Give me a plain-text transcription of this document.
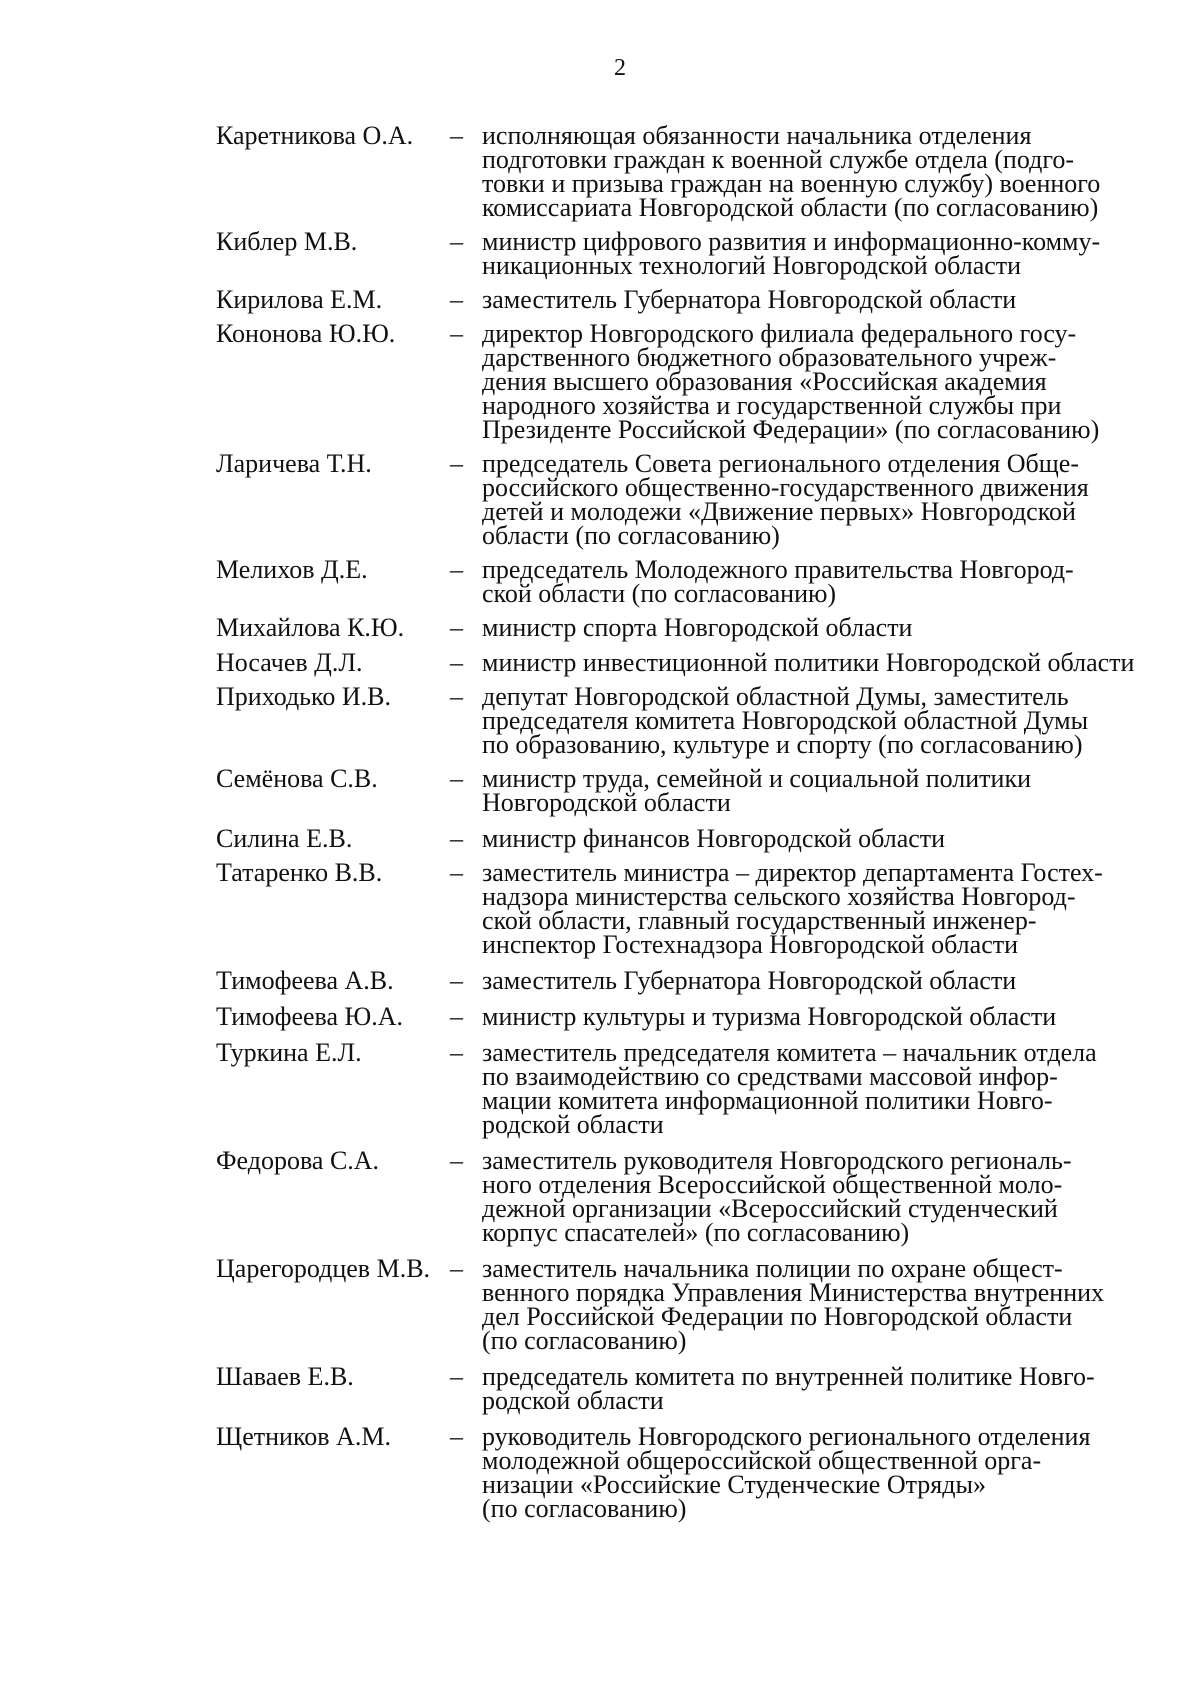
2
Каретникова О.А.	– исполняющая обязанности начальника отделения
подготовки граждан к военной службе отдела (подго-
товки и призыва граждан на военную службу) военного
комиссариата Новгородской области (по согласованию)
Киблер М.В.	– министр цифрового развития и информационно-комму-
никационных технологий Новгородской области
Кирилова Е.М.	– заместитель Губернатора Новгородской области
Кононова Ю.Ю.	– директор Новгородского филиала федерального госу-
дарственного бюджетного образовательного учреж-
дения высшего образования «Российская академия
народного хозяйства и государственной службы при
Президенте Российской Федерации» (по согласованию)
Ларичева Т.Н.	– председатель Совета регионального отделения Обще-
российского общественно-государственного движения
детей и молодежи «Движение первых» Новгородской
области (по согласованию)
Мелихов Д.Е.	– председатель Молодежного правительства Новгород-
ской области (по согласованию)
Михайлова К.Ю.	– министр спорта Новгородской области
Носачев Д.Л.	– министр инвестиционной политики Новгородской области
Приходько И.В.	– депутат Новгородской областной Думы, заместитель
председателя комитета Новгородской областной Думы
по образованию, культуре и спорту (по согласованию)
Семёнова С.В.	– министр труда, семейной и социальной политики
Новгородской области
Силина Е.В.	– министр финансов Новгородской области
Татаренко В.В.	– заместитель министра – директор департамента Гостех-
надзора министерства сельского хозяйства Новгород-
ской области, главный государственный инженер-
инспектор Гостехнадзора Новгородской области
Тимофеева А.В.	– заместитель Губернатора Новгородской области
Тимофеева Ю.А.	– министр культуры и туризма Новгородской области
Туркина Е.Л.	– заместитель председателя комитета – начальник отдела
по взаимодействию со средствами массовой инфор-
мации комитета информационной политики Новго-
родской области
Федорова С.А.	– заместитель руководителя Новгородского региональ-
ного отделения Всероссийской общественной моло-
дежной организации «Всероссийский студенческий
корпус спасателей» (по согласованию)
Царегородцев М.В. – заместитель начальника полиции по охране общест-
венного порядка Управления Министерства внутренних
дел Российской Федерации по Новгородской области
(по согласованию)
Шаваев Е.В.	– председатель комитета по внутренней политике Новго-
родской области
Щетников А.М.	– руководитель Новгородского регионального отделения
молодежной общероссийской общественной орга-
низации «Российские Студенческие Отряды»
(по согласованию)
